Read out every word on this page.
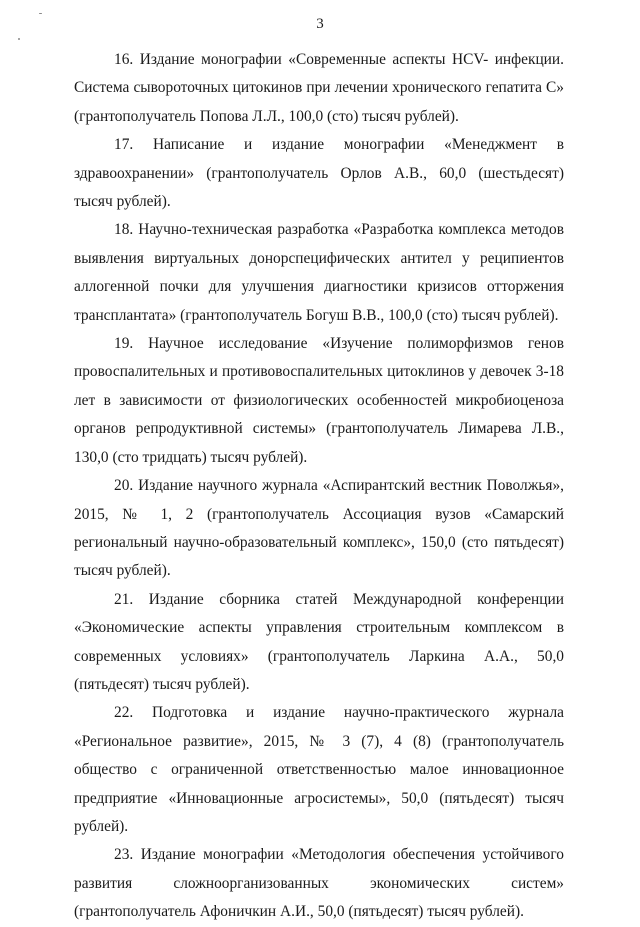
3

16. Издание монографии «Современные аспекты HCV- инфекции. Система сывороточных цитокинов при лечении хронического гепатита С» (грантополучатель Попова Л.Л., 100,0 (сто) тысяч рублей).

17. Написание и издание монографии «Менеджмент в здравоохранении» (грантополучатель Орлов А.В., 60,0 (шестьдесят) тысяч рублей).

18. Научно-техническая разработка «Разработка комплекса методов выявления виртуальных донорспецифических антител у реципиентов аллогенной почки для улучшения диагностики кризисов отторжения трансплантата» (грантополучатель Богуш В.В., 100,0 (сто) тысяч рублей).

19. Научное исследование «Изучение полиморфизмов генов провоспалительных и противовоспалительных цитоклинов у девочек 3-18 лет в зависимости от физиологических особенностей микробиоценоза органов репродуктивной системы» (грантополучатель Лимарева Л.В., 130,0 (сто тридцать) тысяч рублей).

20. Издание научного журнала «Аспирантский вестник Поволжья», 2015, № 1, 2 (грантополучатель Ассоциация вузов «Самарский региональный научно-образовательный комплекс», 150,0 (сто пятьдесят) тысяч рублей).

21. Издание сборника статей Международной конференции «Экономические аспекты управления строительным комплексом в современных условиях» (грантополучатель Ларкина А.А., 50,0 (пятьдесят) тысяч рублей).

22. Подготовка и издание научно-практического журнала «Региональное развитие», 2015, № 3 (7), 4 (8) (грантополучатель общество с ограниченной ответственностью малое инновационное предприятие «Инновационные агросистемы», 50,0 (пятьдесят) тысяч рублей).

23. Издание монографии «Методология обеспечения устойчивого развития сложноорганизованных экономических систем» (грантополучатель Афоничкин А.И., 50,0 (пятьдесят) тысяч рублей).
